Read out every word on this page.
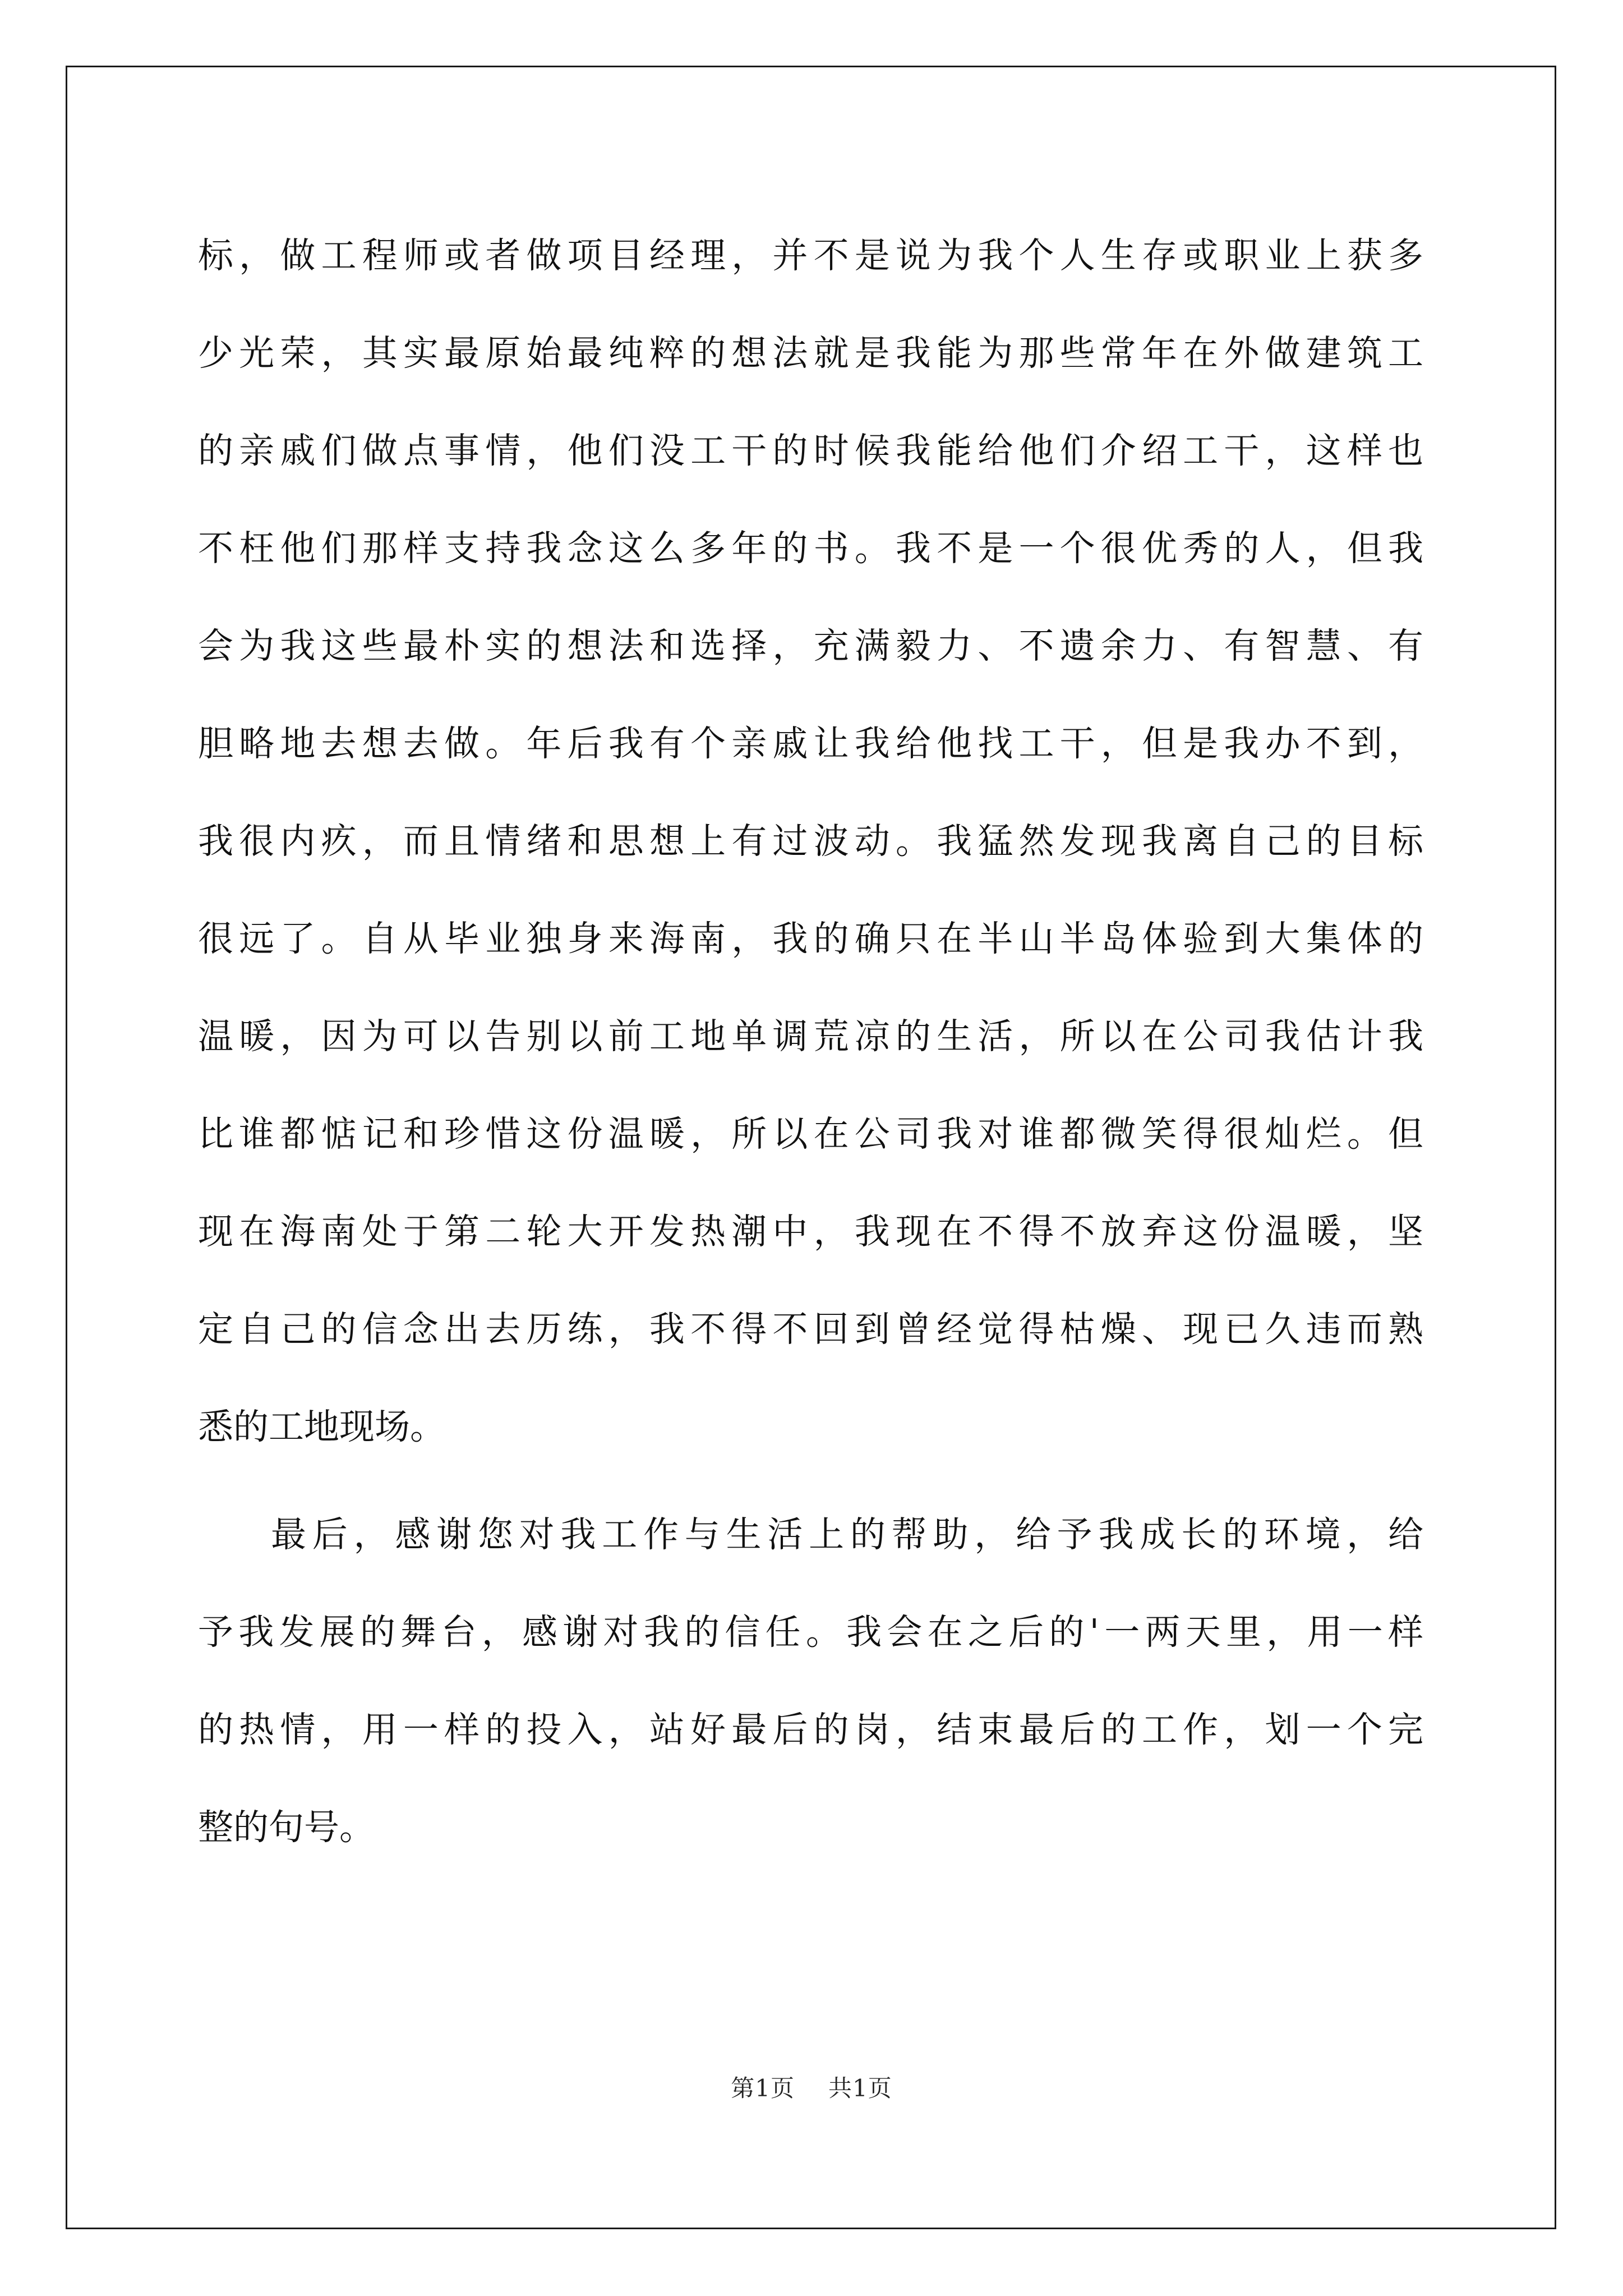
标，做工程师或者做项目经理，并不是说为我个人生存或职业上获多
少光荣，其实最原始最纯粹的想法就是我能为那些常年在外做建筑工
的亲戚们做点事情，他们没工干的时候我能给他们介绍工干，这样也
不枉他们那样支持我念这么多年的书。我不是一个很优秀的人，但我
会为我这些最朴实的想法和选择，充满毅力、不遗余力、有智慧、有
胆略地去想去做。年后我有个亲戚让我给他找工干，但是我办不到，
我很内疚，而且情绪和思想上有过波动。我猛然发现我离自己的目标
很远了。自从毕业独身来海南，我的确只在半山半岛体验到大集体的
温暖，因为可以告别以前工地单调荒凉的生活，所以在公司我估计我
比谁都惦记和珍惜这份温暖，所以在公司我对谁都微笑得很灿烂。但
现在海南处于第二轮大开发热潮中，我现在不得不放弃这份温暖，坚
定自己的信念出去历练，我不得不回到曾经觉得枯燥、现已久违而熟
悉的工地现场。
最后，感谢您对我工作与生活上的帮助，给予我成长的环境，给
予我发展的舞台，感谢对我的信任。我会在之后的'一两天里，用一样
的热情，用一样的投入，站好最后的岗，结束最后的工作，划一个完
整的句号。
第1页 共1页
